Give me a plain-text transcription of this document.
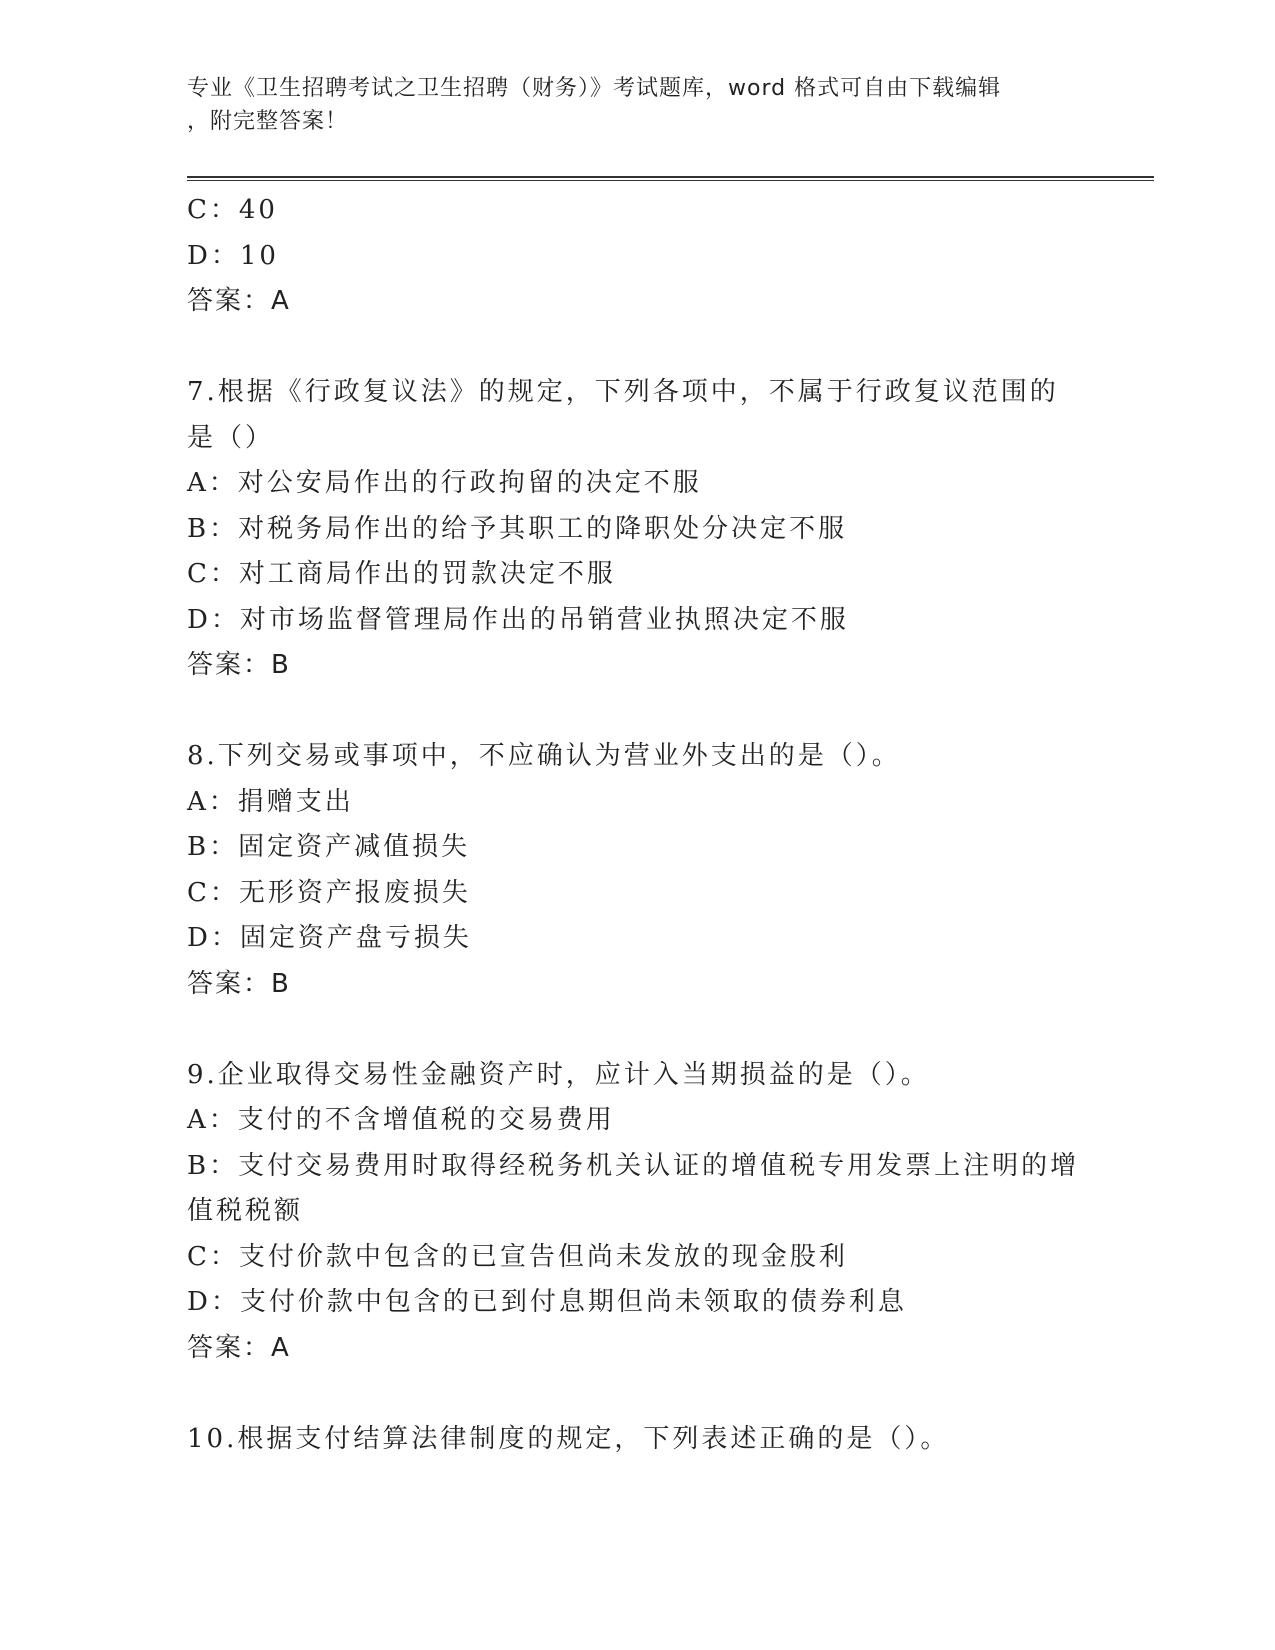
专业《卫生招聘考试之卫生招聘（财务）》考试题库，word 格式可自由下载编辑
，附完整答案！
C：40
D：10
答案：A
7.根据《行政复议法》的规定，下列各项中，不属于行政复议范围的
是（）
A：对公安局作出的行政拘留的决定不服
B：对税务局作出的给予其职工的降职处分决定不服
C：对工商局作出的罚款决定不服
D：对市场监督管理局作出的吊销营业执照决定不服
答案：B
8.下列交易或事项中，不应确认为营业外支出的是（）。
A：捐赠支出
B：固定资产减值损失
C：无形资产报废损失
D：固定资产盘亏损失
答案：B
9.企业取得交易性金融资产时，应计入当期损益的是（）。
A：支付的不含增值税的交易费用
B：支付交易费用时取得经税务机关认证的增值税专用发票上注明的增
值税税额
C：支付价款中包含的已宣告但尚未发放的现金股利
D：支付价款中包含的已到付息期但尚未领取的债券利息
答案：A
10.根据支付结算法律制度的规定，下列表述正确的是（）。
